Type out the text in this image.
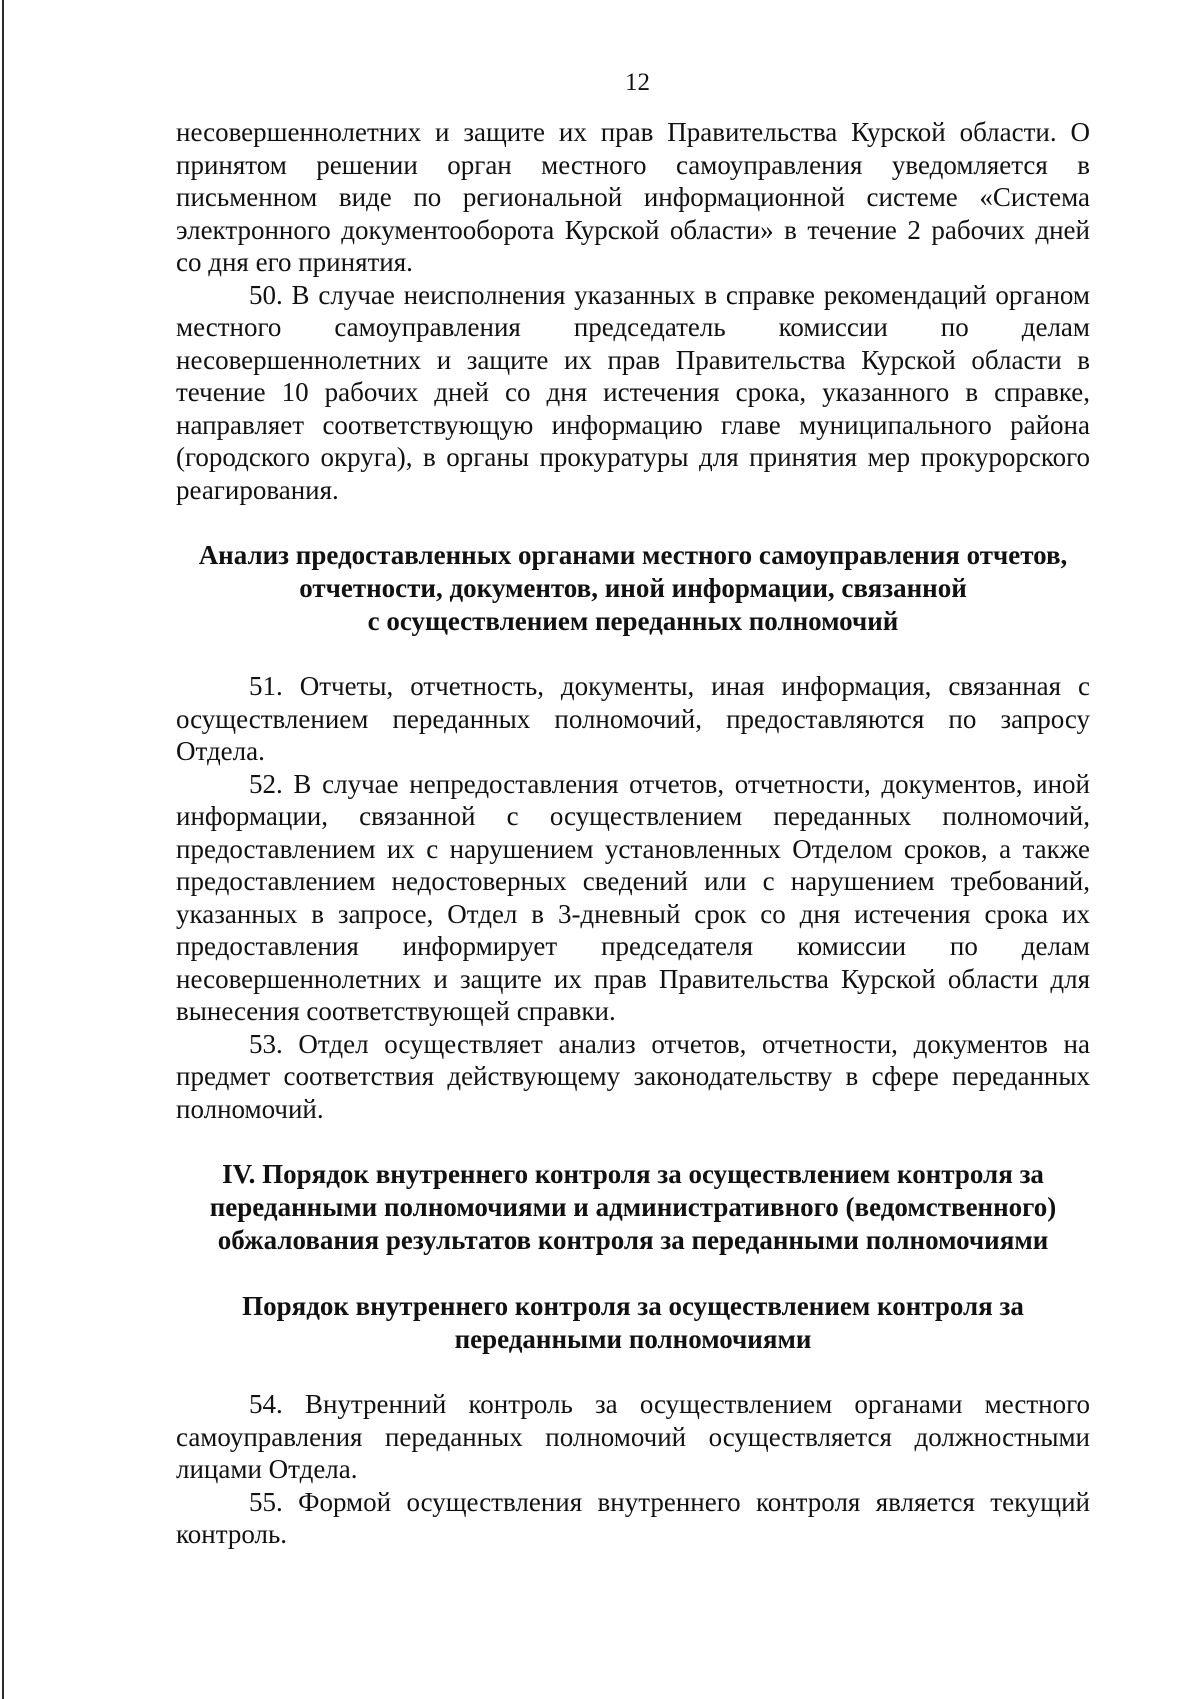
12

несовершеннолетних и защите их прав Правительства Курской области. О принятом решении орган местного самоуправления уведомляется в письменном виде по региональной информационной системе «Система электронного документооборота Курской области» в течение 2 рабочих дней со дня его принятия.

50. В случае неисполнения указанных в справке рекомендаций органом местного самоуправления председатель комиссии по делам несовершеннолетних и защите их прав Правительства Курской области в течение 10 рабочих дней со дня истечения срока, указанного в справке, направляет соответствующую информацию главе муниципального района (городского округа), в органы прокуратуры для принятия мер прокурорского реагирования.

Анализ предоставленных органами местного самоуправления отчетов,
отчетности, документов, иной информации, связанной
с осуществлением переданных полномочий

51. Отчеты, отчетность, документы, иная информация, связанная с осуществлением переданных полномочий, предоставляются по запросу Отдела.

52. В случае непредоставления отчетов, отчетности, документов, иной информации, связанной с осуществлением переданных полномочий, предоставлением их с нарушением установленных Отделом сроков, а также предоставлением недостоверных сведений или с нарушением требований, указанных в запросе, Отдел в 3-дневный срок со дня истечения срока их предоставления информирует председателя комиссии по делам несовершеннолетних и защите их прав Правительства Курской области для вынесения соответствующей справки.

53. Отдел осуществляет анализ отчетов, отчетности, документов на предмет соответствия действующему законодательству в сфере переданных полномочий.

IV. Порядок внутреннего контроля за осуществлением контроля за
переданными полномочиями и административного (ведомственного)
обжалования результатов контроля за переданными полномочиями
Порядок внутреннего контроля за осуществлением контроля за
переданными полномочиями

54. Внутренний контроль за осуществлением органами местного самоуправления переданных полномочий осуществляется должностными лицами Отдела.

55. Формой осуществления внутреннего контроля является текущий контроль.
